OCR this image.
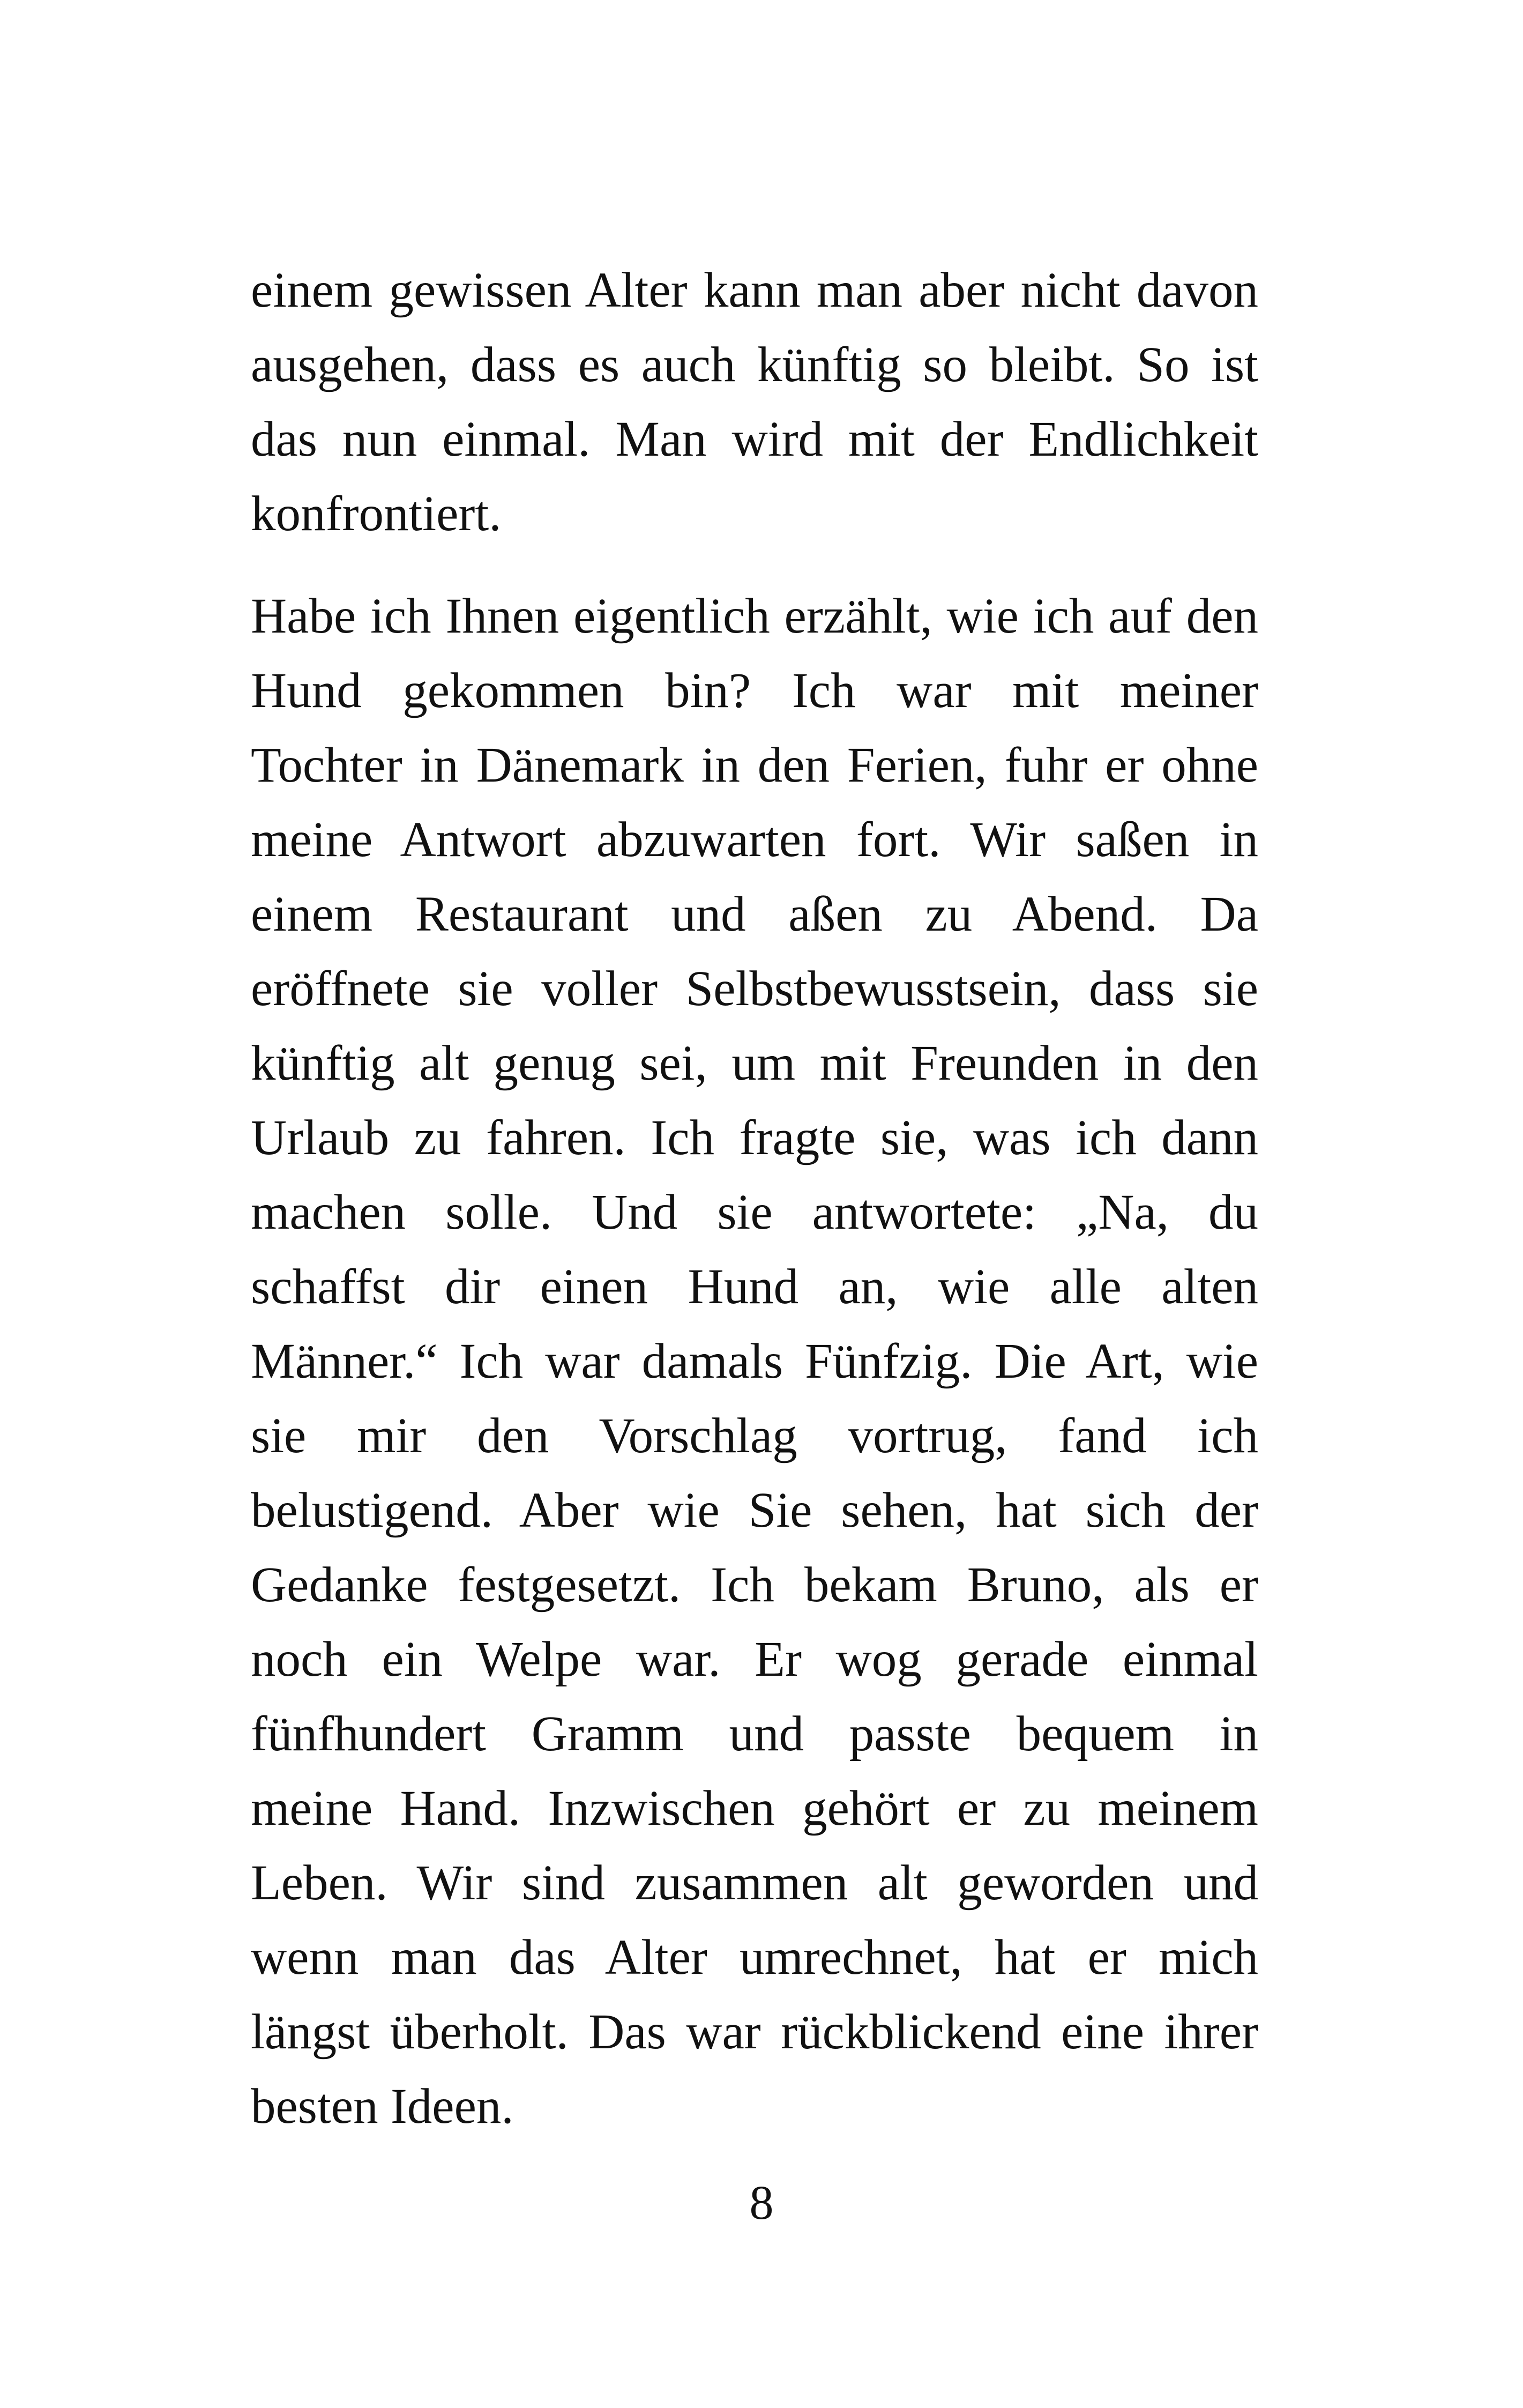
einem gewissen Alter kann man aber nicht davon
ausgehen, dass es auch künftig so bleibt. So ist
das nun einmal. Man wird mit der Endlichkeit
konfrontiert.
Habe ich Ihnen eigentlich erzählt, wie ich auf den
Hund gekommen bin? Ich war mit meiner
Tochter in Dänemark in den Ferien, fuhr er ohne
meine Antwort abzuwarten fort. Wir saßen in
einem Restaurant und aßen zu Abend. Da
eröffnete sie voller Selbstbewusstsein, dass sie
künftig alt genug sei, um mit Freunden in den
Urlaub zu fahren. Ich fragte sie, was ich dann
machen solle. Und sie antwortete: „Na, du
schaffst dir einen Hund an, wie alle alten
Männer.“ Ich war damals Fünfzig. Die Art, wie
sie mir den Vorschlag vortrug, fand ich
belustigend. Aber wie Sie sehen, hat sich der
Gedanke festgesetzt. Ich bekam Bruno, als er
noch ein Welpe war. Er wog gerade einmal
fünfhundert Gramm und passte bequem in
meine Hand. Inzwischen gehört er zu meinem
Leben. Wir sind zusammen alt geworden und
wenn man das Alter umrechnet, hat er mich
längst überholt. Das war rückblickend eine ihrer
besten Ideen.
8
